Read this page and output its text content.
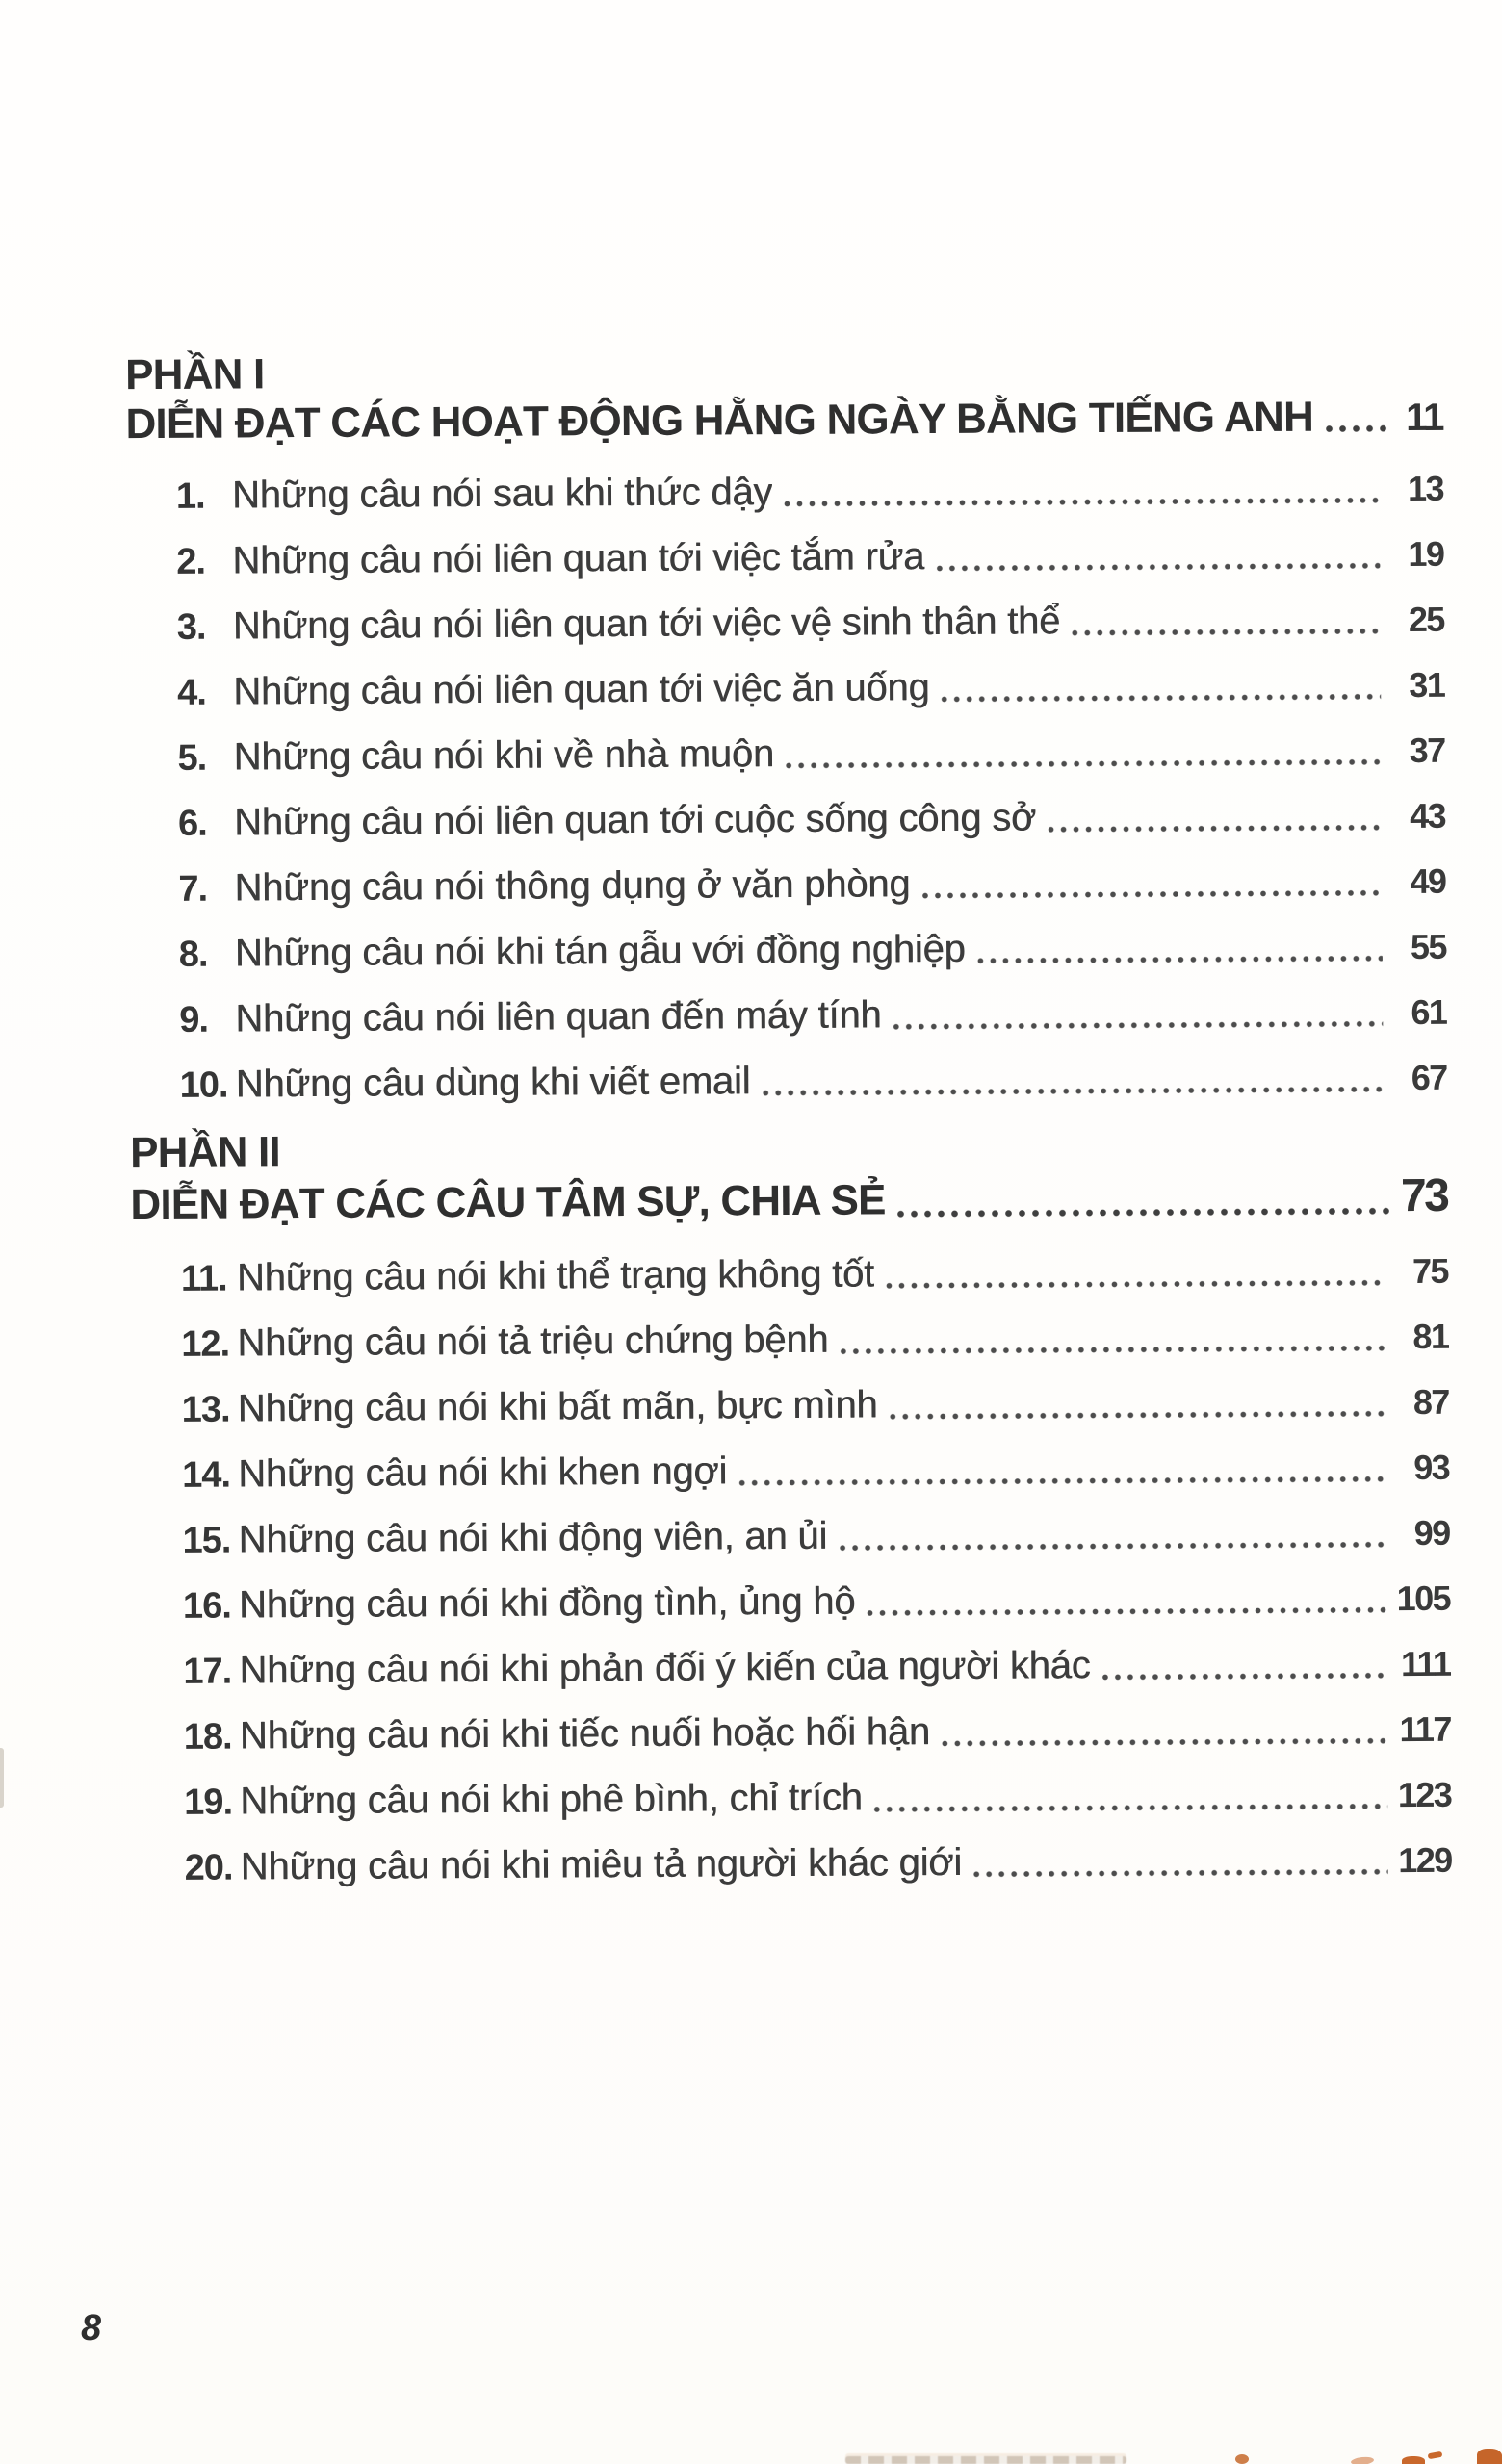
PHẦN I
DIỄN ĐẠT CÁC HOẠT ĐỘNG HẰNG NGÀY BẰNG TIẾNG ANH	11
1. Những câu nói sau khi thức dậy	13
2. Những câu nói liên quan tới việc tắm rửa	19
3. Những câu nói liên quan tới việc vệ sinh thân thể	25
4. Những câu nói liên quan tới việc ăn uống	31
5. Những câu nói khi về nhà muộn	37
6. Những câu nói liên quan tới cuộc sống công sở	43
7. Những câu nói thông dụng ở văn phòng	49
8. Những câu nói khi tán gẫu với đồng nghiệp	55
9. Những câu nói liên quan đến máy tính	61
10. Những câu dùng khi viết email	67
PHẦN II
DIỄN ĐẠT CÁC CÂU TÂM SỰ, CHIA SẺ	73
11. Những câu nói khi thể trạng không tốt	75
12. Những câu nói tả triệu chứng bệnh	81
13. Những câu nói khi bất mãn, bực mình	87
14. Những câu nói khi khen ngợi	93
15. Những câu nói khi động viên, an ủi	99
16. Những câu nói khi đồng tình, ủng hộ	105
17. Những câu nói khi phản đối ý kiến của người khác	111
18. Những câu nói khi tiếc nuối hoặc hối hận	117
19. Những câu nói khi phê bình, chỉ trích	123
20. Những câu nói khi miêu tả người khác giới	129
8
